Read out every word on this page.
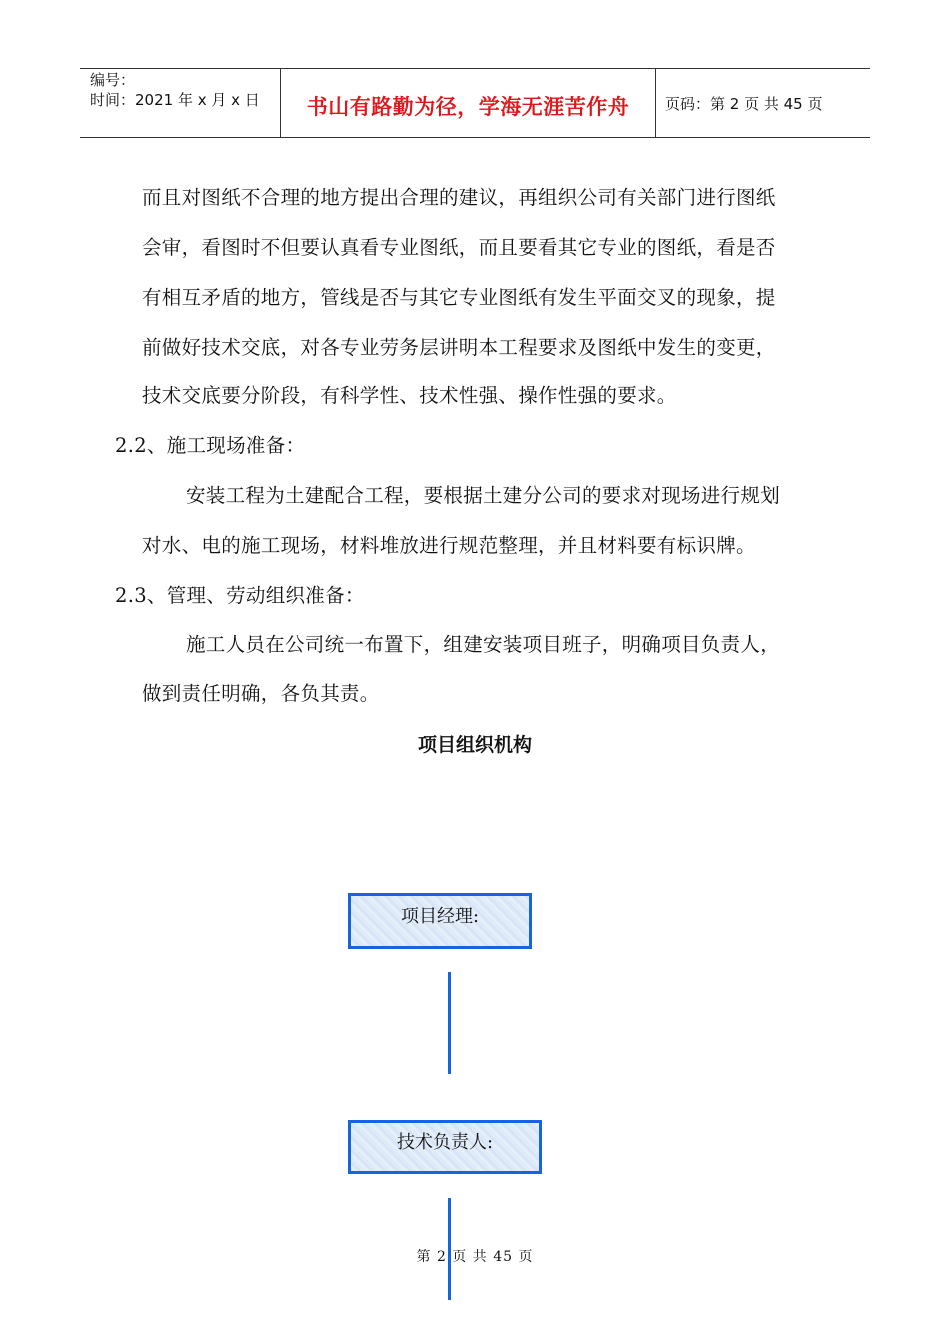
编号：
时间：2021 年 x 月 x 日	书山有路勤为径，学海无涯苦作舟	页码：第 2 页 共 45 页
而且对图纸不合理的地方提出合理的建议，再组织公司有关部门进行图纸
会审，看图时不但要认真看专业图纸，而且要看其它专业的图纸，看是否
有相互矛盾的地方，管线是否与其它专业图纸有发生平面交叉的现象，提
前做好技术交底，对各专业劳务层讲明本工程要求及图纸中发生的变更，
技术交底要分阶段，有科学性、技术性强、操作性强的要求。
2.2、施工现场准备：
安装工程为土建配合工程，要根据土建分公司的要求对现场进行规划
对水、电的施工现场，材料堆放进行规范整理，并且材料要有标识牌。
2.3、管理、劳动组织准备：
施工人员在公司统一布置下，组建安装项目班子，明确项目负责人，
做到责任明确，各负其责。
项目组织机构
项目经理:
技术负责人:
第 2 页 共 45 页
